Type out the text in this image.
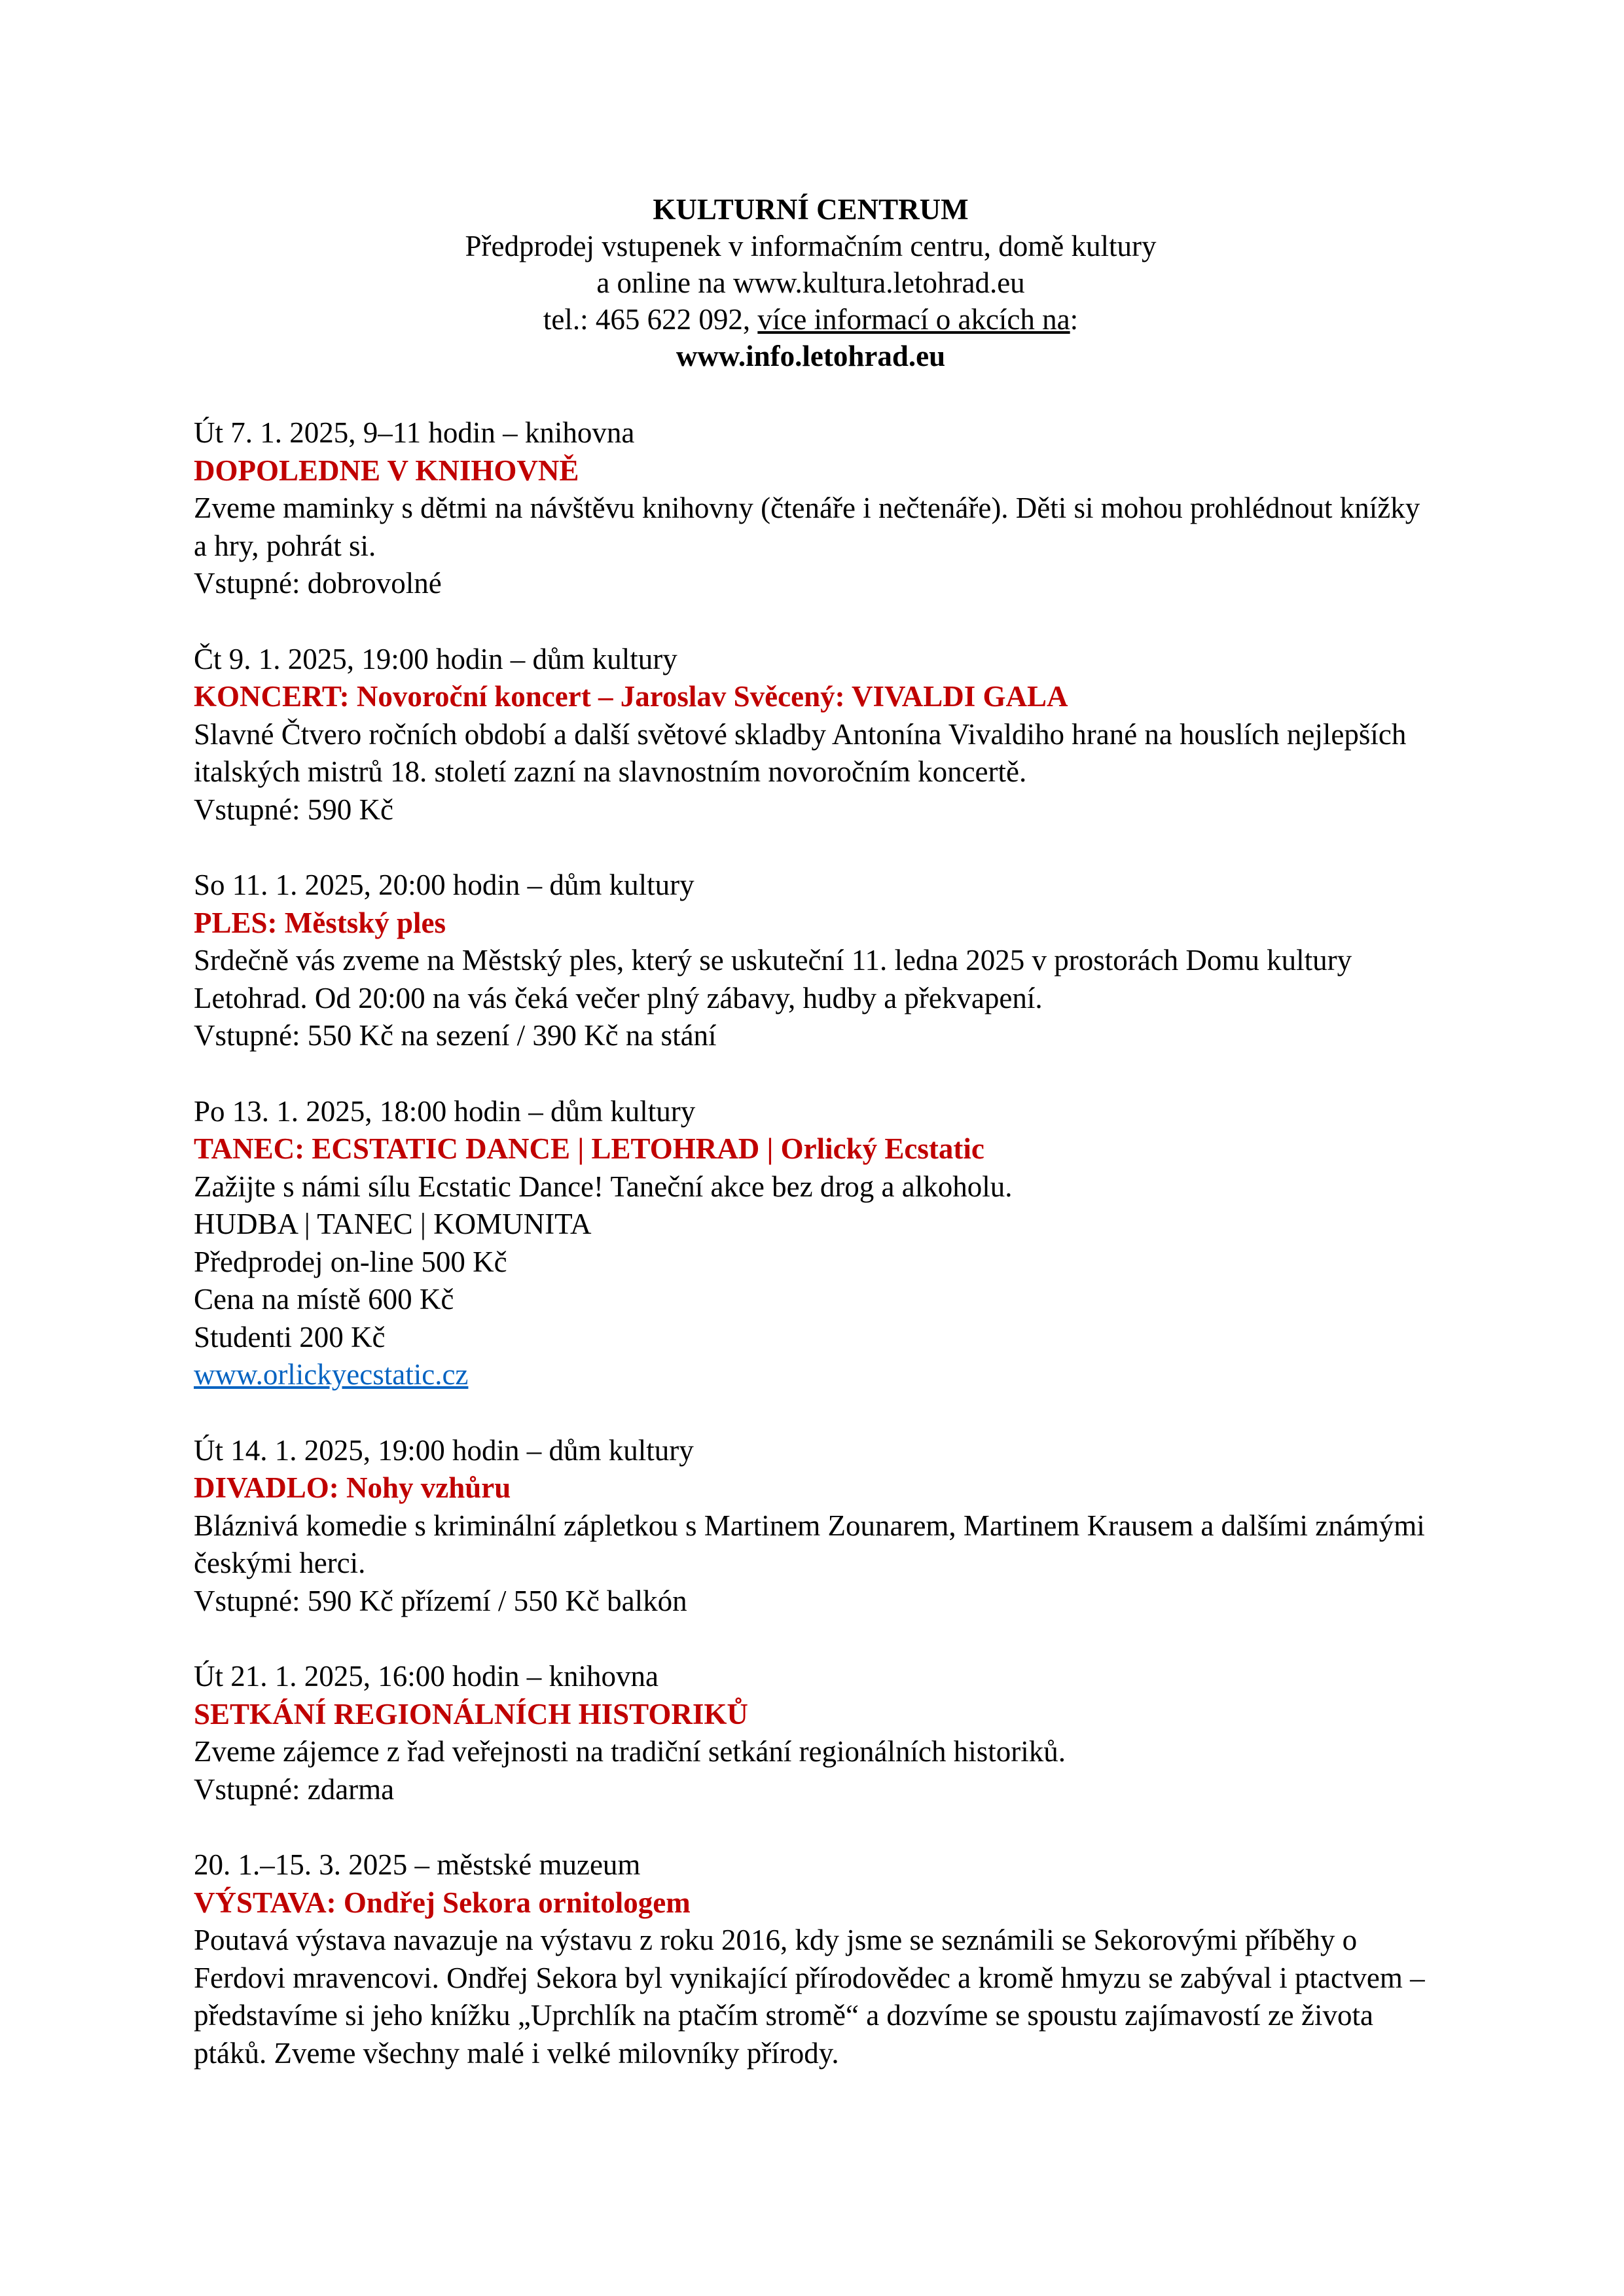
KULTURNÍ CENTRUM
Předprodej vstupenek v informačním centru, domě kultury
a online na www.kultura.letohrad.eu
tel.: 465 622 092, více informací o akcích na:
www.info.letohrad.eu
Út 7. 1. 2025, 9–11 hodin – knihovna
DOPOLEDNE V KNIHOVNĚ
Zveme maminky s dětmi na návštěvu knihovny (čtenáře i nečtenáře). Děti si mohou prohlédnout knížky a hry, pohrát si.
Vstupné: dobrovolné
Čt 9. 1. 2025, 19:00 hodin – dům kultury
KONCERT: Novoroční koncert – Jaroslav Svěcený: VIVALDI GALA
Slavné Čtvero ročních období a další světové skladby Antonína Vivaldiho hrané na houslích nejlepších italských mistrů 18. století zazní na slavnostním novoročním koncertě.
Vstupné: 590 Kč
So 11. 1. 2025, 20:00 hodin – dům kultury
PLES: Městský ples
Srdečně vás zveme na Městský ples, který se uskuteční 11. ledna 2025 v prostorách Domu kultury Letohrad. Od 20:00 na vás čeká večer plný zábavy, hudby a překvapení.
Vstupné: 550 Kč na sezení / 390 Kč na stání
Po 13. 1. 2025, 18:00 hodin – dům kultury
TANEC: ECSTATIC DANCE | LETOHRAD | Orlický Ecstatic
Zažijte s námi sílu Ecstatic Dance! Taneční akce bez drog a alkoholu.
HUDBA | TANEC | KOMUNITA
Předprodej on-line 500 Kč
Cena na místě 600 Kč
Studenti 200 Kč
www.orlickyecstatic.cz
Út 14. 1. 2025, 19:00 hodin – dům kultury
DIVADLO: Nohy vzhůru
Bláznivá komedie s kriminální zápletkou s Martinem Zounarem, Martinem Krausem a dalšími známými českými herci.
Vstupné: 590 Kč přízemí / 550 Kč balkón
Út 21. 1. 2025, 16:00 hodin – knihovna
SETKÁNÍ REGIONÁLNÍCH HISTORIKŮ
Zveme zájemce z řad veřejnosti na tradiční setkání regionálních historiků.
Vstupné: zdarma
20. 1.–15. 3. 2025 – městské muzeum
VÝSTAVA: Ondřej Sekora ornitologem
Poutavá výstava navazuje na výstavu z roku 2016, kdy jsme se seznámili se Sekorovými příběhy o Ferdovi mravencovi. Ondřej Sekora byl vynikající přírodovědec a kromě hmyzu se zabýval i ptactvem – představíme si jeho knížku „Uprchlík na ptačím stromě“ a dozvíme se spoustu zajímavostí ze života ptáků. Zveme všechny malé i velké milovníky přírody.
